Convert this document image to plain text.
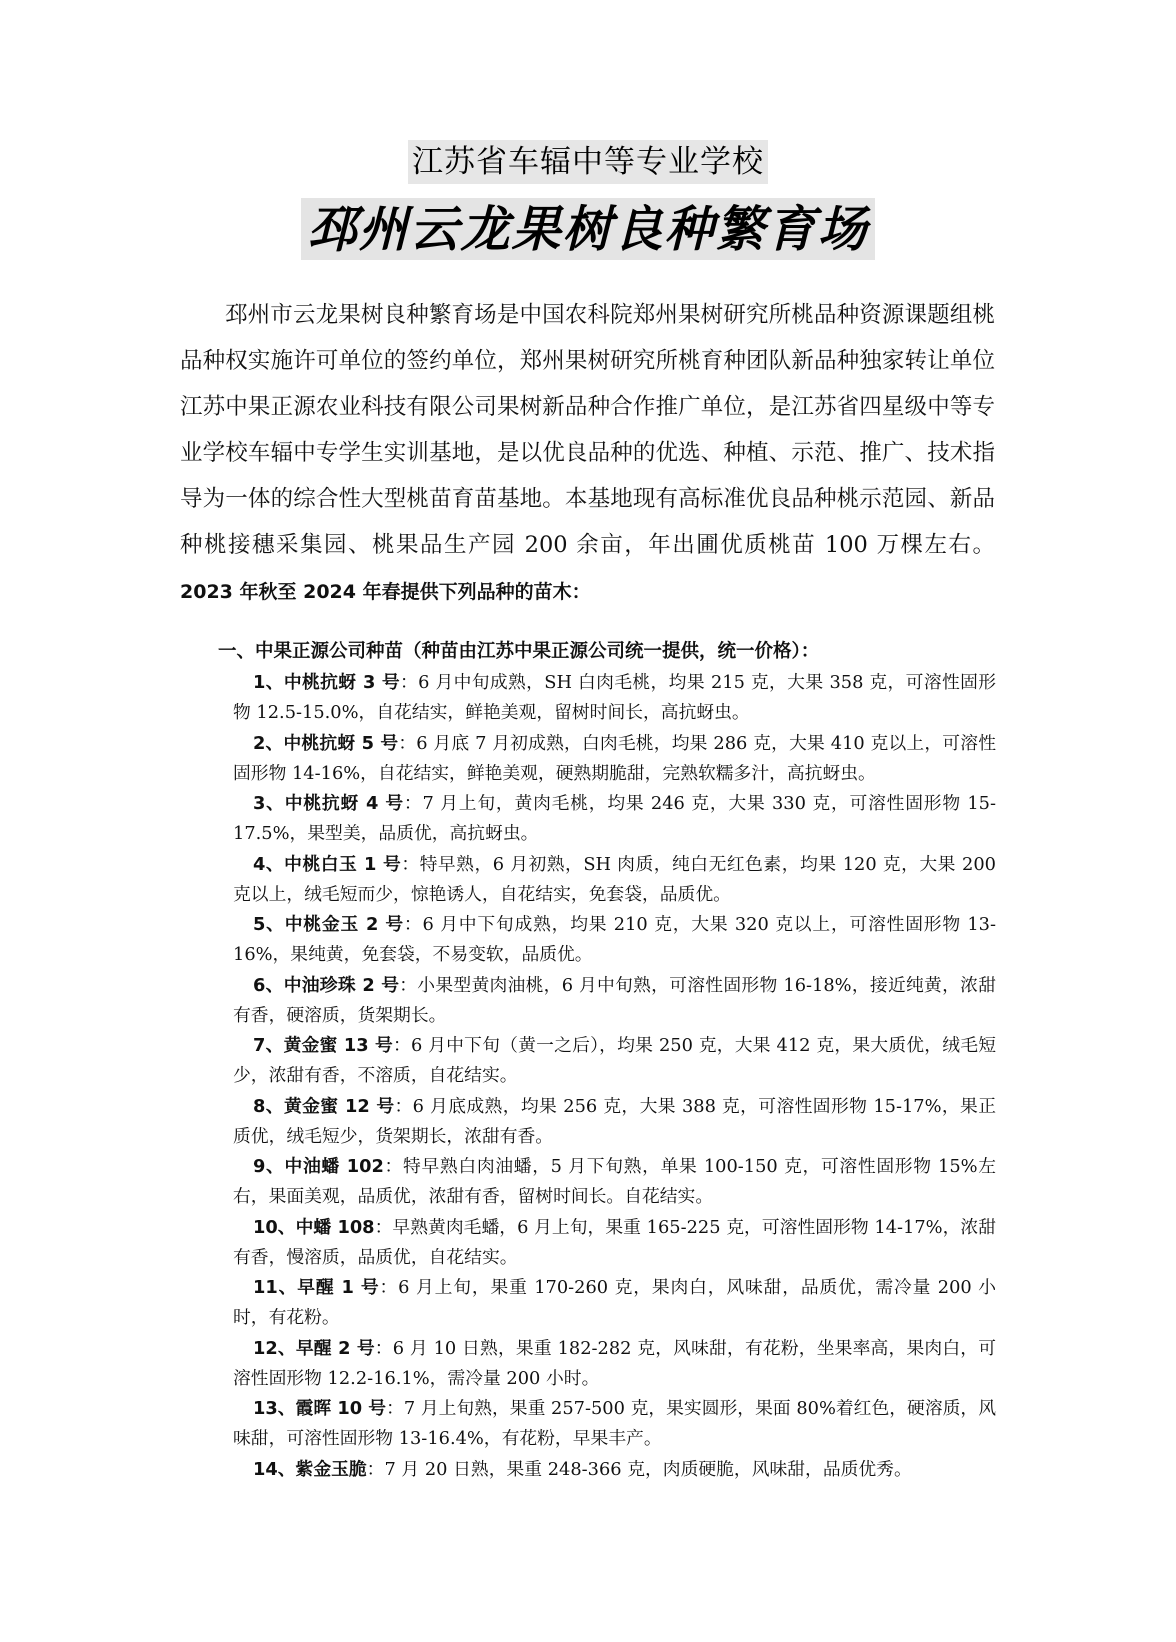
江苏省车辐中等专业学校
邳州云龙果树良种繁育场

邳州市云龙果树良种繁育场是中国农科院郑州果树研究所桃品种资源课题组桃品种权实施许可单位的签约单位，郑州果树研究所桃育种团队新品种独家转让单位江苏中果正源农业科技有限公司果树新品种合作推广单位，是江苏省四星级中等专业学校车辐中专学生实训基地，是以优良品种的优选、种植、示范、推广、技术指导为一体的综合性大型桃苗育苗基地。本基地现有高标准优良品种桃示范园、新品种桃接穗采集园、桃果品生产园 200 余亩，年出圃优质桃苗 100 万棵左右。2023 年秋至 2024 年春提供下列品种的苗木：

一、中果正源公司种苗（种苗由江苏中果正源公司统一提供，统一价格）：

1、中桃抗蚜 3 号：6 月中旬成熟，SH 白肉毛桃，均果 215 克，大果 358 克，可溶性固形物 12.5-15.0%，自花结实，鲜艳美观，留树时间长，高抗蚜虫。
2、中桃抗蚜 5 号：6 月底 7 月初成熟，白肉毛桃，均果 286 克，大果 410 克以上，可溶性固形物 14-16%，自花结实，鲜艳美观，硬熟期脆甜，完熟软糯多汁，高抗蚜虫。
3、中桃抗蚜 4 号：7 月上旬，黄肉毛桃，均果 246 克，大果 330 克，可溶性固形物 15-17.5%，果型美，品质优，高抗蚜虫。
4、中桃白玉 1 号：特早熟，6 月初熟，SH 肉质，纯白无红色素，均果 120 克，大果 200 克以上，绒毛短而少，惊艳诱人，自花结实，免套袋，品质优。
5、中桃金玉 2 号：6 月中下旬成熟，均果 210 克，大果 320 克以上，可溶性固形物 13-16%，果纯黄，免套袋，不易变软，品质优。
6、中油珍珠 2 号：小果型黄肉油桃，6 月中旬熟，可溶性固形物 16-18%，接近纯黄，浓甜有香，硬溶质，货架期长。
7、黄金蜜 13 号：6 月中下旬（黄一之后），均果 250 克，大果 412 克，果大质优，绒毛短少，浓甜有香，不溶质，自花结实。
8、黄金蜜 12 号：6 月底成熟，均果 256 克，大果 388 克，可溶性固形物 15-17%，果正质优，绒毛短少，货架期长，浓甜有香。
9、中油蟠 102：特早熟白肉油蟠，5 月下旬熟，单果 100-150 克，可溶性固形物 15%左右，果面美观，品质优，浓甜有香，留树时间长。自花结实。
10、中蟠 108：早熟黄肉毛蟠，6 月上旬，果重 165-225 克，可溶性固形物 14-17%，浓甜有香，慢溶质，品质优，自花结实。
11、早醒 1 号：6 月上旬，果重 170-260 克，果肉白，风味甜，品质优，需冷量 200 小时，有花粉。
12、早醒 2 号：6 月 10 日熟，果重 182-282 克，风味甜，有花粉，坐果率高，果肉白，可溶性固形物 12.2-16.1%，需冷量 200 小时。
13、霞晖 10 号：7 月上旬熟，果重 257-500 克，果实圆形，果面 80%着红色，硬溶质，风味甜，可溶性固形物 13-16.4%，有花粉，早果丰产。
14、紫金玉脆：7 月 20 日熟，果重 248-366 克，肉质硬脆，风味甜，品质优秀。
